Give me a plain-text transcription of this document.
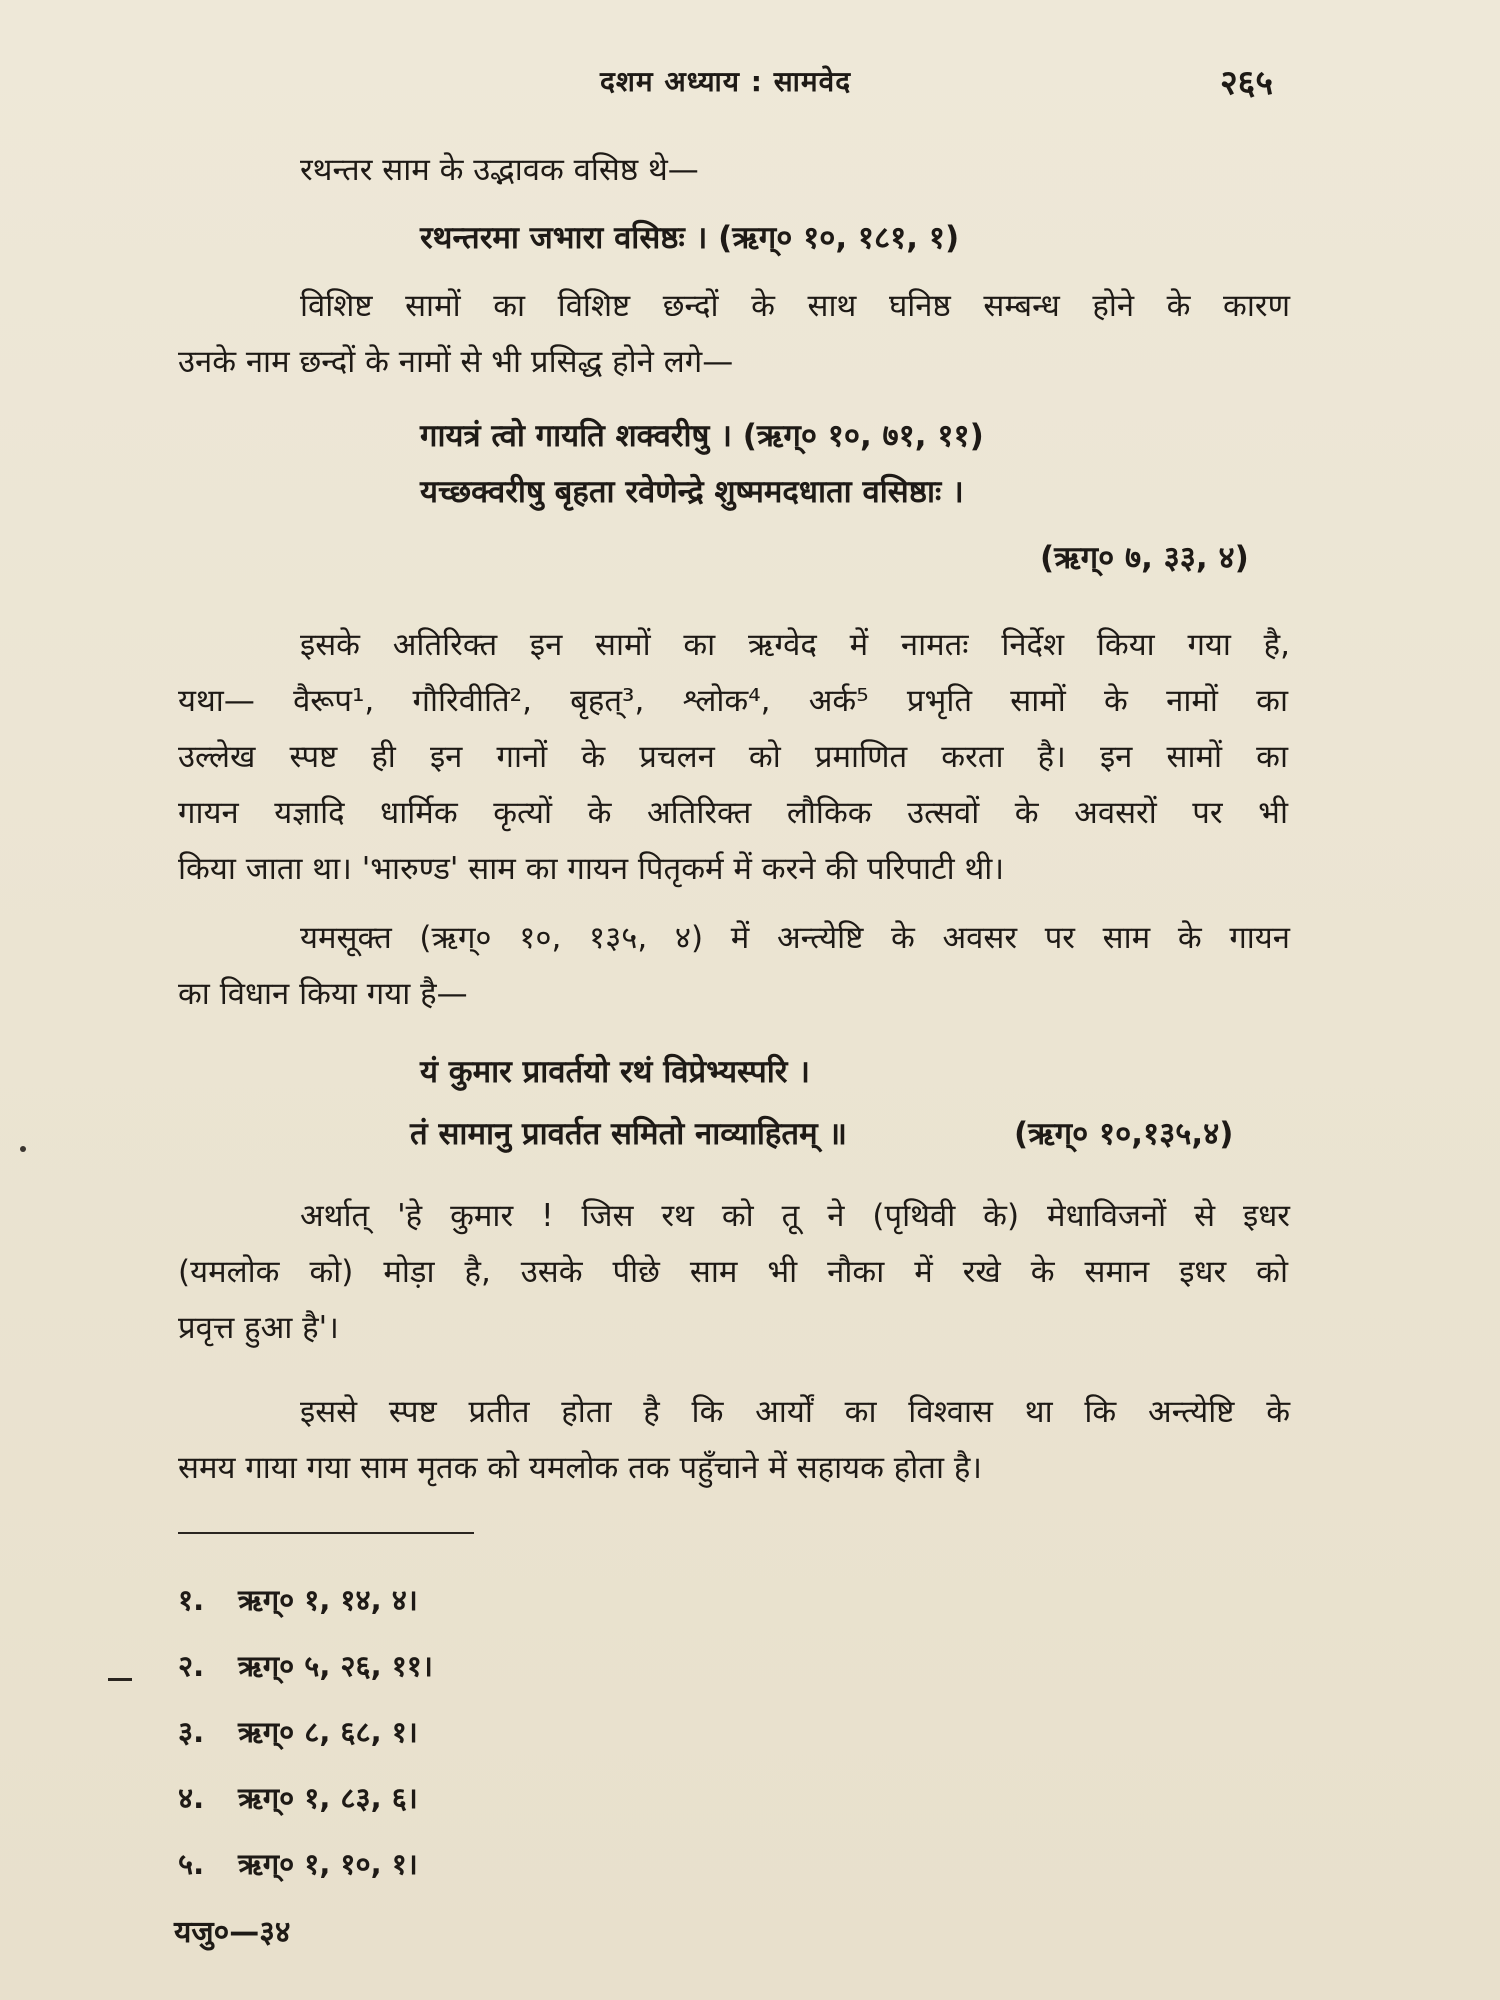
दशम अध्याय : सामवेद	२६५
रथन्तर साम के उद्भावक वसिष्ठ थे—
रथन्तरमा जभारा वसिष्ठः । (ऋग्० १०, १८१, १)
विशिष्ट सामों का विशिष्ट छन्दों के साथ घनिष्ठ सम्बन्ध होने के कारण
उनके नाम छन्दों के नामों से भी प्रसिद्ध होने लगे—
गायत्रं त्वो गायति शक्वरीषु । (ऋग्० १०, ७१, ११)
यच्छक्वरीषु बृहता रवेणेन्द्रे शुष्ममदधाता वसिष्ठाः ।
(ऋग्० ७, ३३, ४)
इसके अतिरिक्त इन सामों का ऋग्वेद में नामतः निर्देश किया गया है,
यथा— वैरूप¹, गौरिवीति², बृहत्³, श्लोक⁴, अर्क⁵ प्रभृति सामों के नामों का
उल्लेख स्पष्ट ही इन गानों के प्रचलन को प्रमाणित करता है। इन सामों का
गायन यज्ञादि धार्मिक कृत्यों के अतिरिक्त लौकिक उत्सवों के अवसरों पर भी
किया जाता था। 'भारुण्ड' साम का गायन पितृकर्म में करने की परिपाटी थी।
यमसूक्त (ऋग्० १०, १३५, ४) में अन्त्येष्टि के अवसर पर साम के गायन
का विधान किया गया है—
यं कुमार प्रावर्तयो रथं विप्रेभ्यस्परि ।
तं सामानु प्रावर्तत समितो नाव्याहितम् ॥	(ऋग्० १०,१३५,४)
अर्थात् 'हे कुमार ! जिस रथ को तू ने (पृथिवी के) मेधाविजनों से इधर
(यमलोक को) मोड़ा है, उसके पीछे साम भी नौका में रखे के समान इधर को
प्रवृत्त हुआ है'।
इससे स्पष्ट प्रतीत होता है कि आर्यों का विश्वास था कि अन्त्येष्टि के
समय गाया गया साम मृतक को यमलोक तक पहुँचाने में सहायक होता है।
१. ऋग्० १, १४, ४।
२. ऋग्० ५, २६, ११।
३. ऋग्० ८, ६८, १।
४. ऋग्० १, ८३, ६।
५. ऋग्० १, १०, १।
यजु०—३४
